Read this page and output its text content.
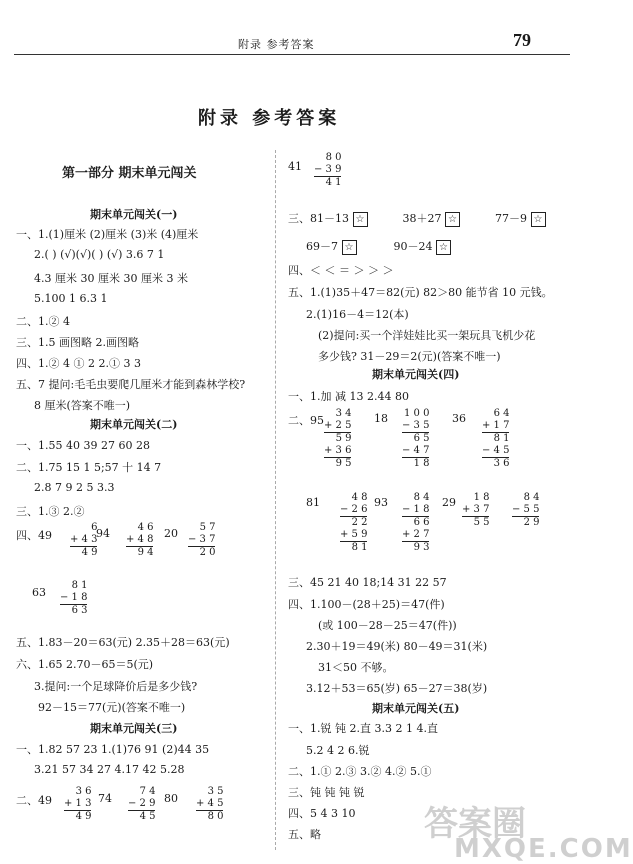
附录 参考答案	79
附录 参考答案
第一部分 期末单元闯关
期末单元闯关(一)
一、1.(1)厘米 (2)厘米 (3)米 (4)厘米
2.( ) (√)(√)( ) (√) 3.6 7 1
4.3 厘米 30 厘米 30 厘米 3 米
5.100 1 6.3 1
二、1.② 4
三、1.5 画图略 2.画图略
四、1.② 4 ① 2 2.① 3 3
五、7 提问:毛毛虫要爬几厘米才能到森林学校?
8 厘米(答案不唯一)
期末单元闯关(二)
一、1.55 40 39 27 60 28
二、1.75 15 1 5;57 十 14 7
2.8 7 9 2 5 3.3
三、1.③ 2.②
四、49
6
+ 4 3
4 9
94	4 6
+ 4 8
9 4
20	5 7
− 3 7
2 0
63
8 1
− 1 8
6 3
五、1.83－20＝63(元) 2.35＋28＝63(元)
六、1.65 2.70－65＝5(元)
3.提问:一个足球降价后是多少钱?
92－15＝77(元)(答案不唯一)
期末单元闯关(三)
一、1.82 57 23 1.(1)76 91 (2)44 35
3.21 57 34 27 4.17 42 5.28
二、49
3 6
+ 1 3
4 9
74
7 4
− 2 9
4 5
80
3 5
+ 4 5
8 0
41
8 0
− 3 9
4 1
三、81－13 ☆	38＋27 ☆	77－9 ☆
69－7 ☆	90－24 ☆
四、＜ ＜ ＝ ＞ ＞ ＞
五、1.(1)35＋47＝82(元) 82＞80 能节省 10 元钱。
2.(1)16－4＝12(本)
(2)提问:买一个洋娃娃比买一架玩具飞机少花
多少钱? 31－29＝2(元)(答案不唯一)
期末单元闯关(四)
一、1.加 减 13 2.44 80
二、95
3 4
+ 2 5
5 9
+ 3 6
9 5
18 1 0 0
− 3 5
6 5
− 4 7
1 8
36	6 4
+ 1 7
8 1
− 4 5
3 6
81	4 8
− 2 6
2 2
+ 5 9
8 1
93	8 4
− 1 8
6 6
+ 2 7
9 3
29	1 8
+ 3 7
5 5
8 4
− 5 5
2 9
三、45 21 40 18;14 31 22 57
四、1.100－(28＋25)＝47(件)
(或 100－28－25＝47(件))
2.30＋19＝49(米) 80－49＝31(米)
31＜50 不够。
3.12＋53＝65(岁) 65－27＝38(岁)
期末单元闯关(五)
一、1.锐 钝 2.直 3.3 2 1 4.直
5.2 4 2 6.锐
二、1.① 2.③ 3.② 4.② 5.①
三、钝 钝 钝 锐
四、5 4 3 10
五、略	答案圈
MXQE.COM
